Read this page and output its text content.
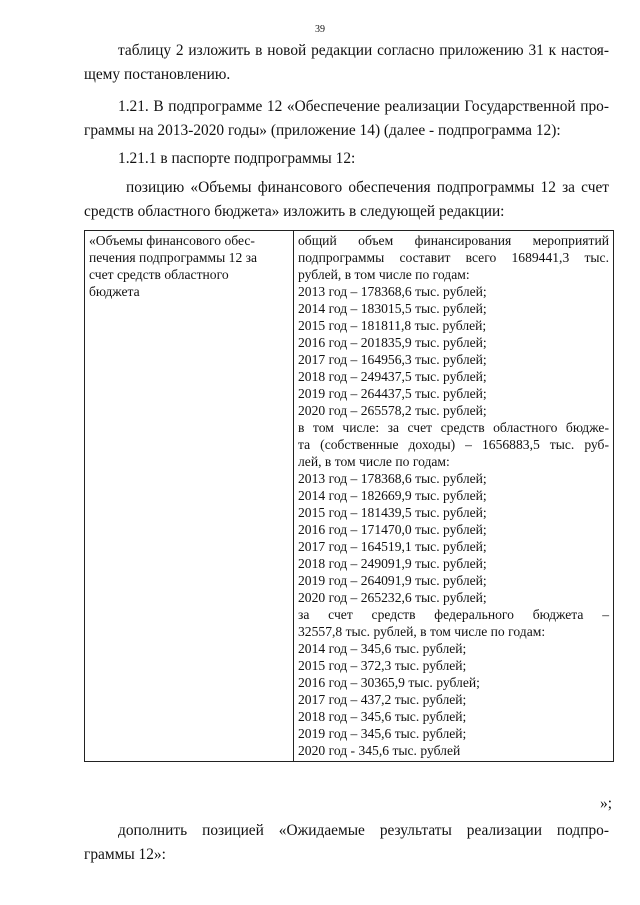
39
таблицу 2 изложить в новой редакции согласно приложению 31 к настоя-
щему постановлению.
1.21. В подпрограмме 12 «Обеспечение реализации Государственной про-
граммы на 2013-2020 годы» (приложение 14) (далее - подпрограмма 12):
1.21.1 в паспорте подпрограммы 12:
позицию «Объемы финансового обеспечения подпрограммы 12 за счет
средств областного бюджета» изложить в следующей редакции:
«Объемы финансового обес-
печения подпрограммы 12 за
счет средств областного
бюджета

общий объем финансирования мероприятий
подпрограммы составит всего 1689441,3 тыс.
рублей, в том числе по годам:
2013 год – 178368,6 тыс. рублей;
2014 год – 183015,5 тыс. рублей;
2015 год – 181811,8 тыс. рублей;
2016 год – 201835,9 тыс. рублей;
2017 год – 164956,3 тыс. рублей;
2018 год – 249437,5 тыс. рублей;
2019 год – 264437,5 тыс. рублей;
2020 год – 265578,2 тыс. рублей;
в том числе: за счет средств областного бюдже-
та (собственные доходы) – 1656883,5 тыс. руб-
лей, в том числе по годам:
2013 год – 178368,6 тыс. рублей;
2014 год – 182669,9 тыс. рублей;
2015 год – 181439,5 тыс. рублей;
2016 год – 171470,0 тыс. рублей;
2017 год – 164519,1 тыс. рублей;
2018 год – 249091,9 тыс. рублей;
2019 год – 264091,9 тыс. рублей;
2020 год – 265232,6 тыс. рублей;
за счет средств федерального бюджета –
32557,8 тыс. рублей, в том числе по годам:
2014 год – 345,6 тыс. рублей;
2015 год – 372,3 тыс. рублей;
2016 год – 30365,9 тыс. рублей;
2017 год – 437,2 тыс. рублей;
2018 год – 345,6 тыс. рублей;
2019 год – 345,6 тыс. рублей;
2020 год - 345,6 тыс. рублей
»;
дополнить позицией «Ожидаемые результаты реализации подпро-
граммы 12»:
